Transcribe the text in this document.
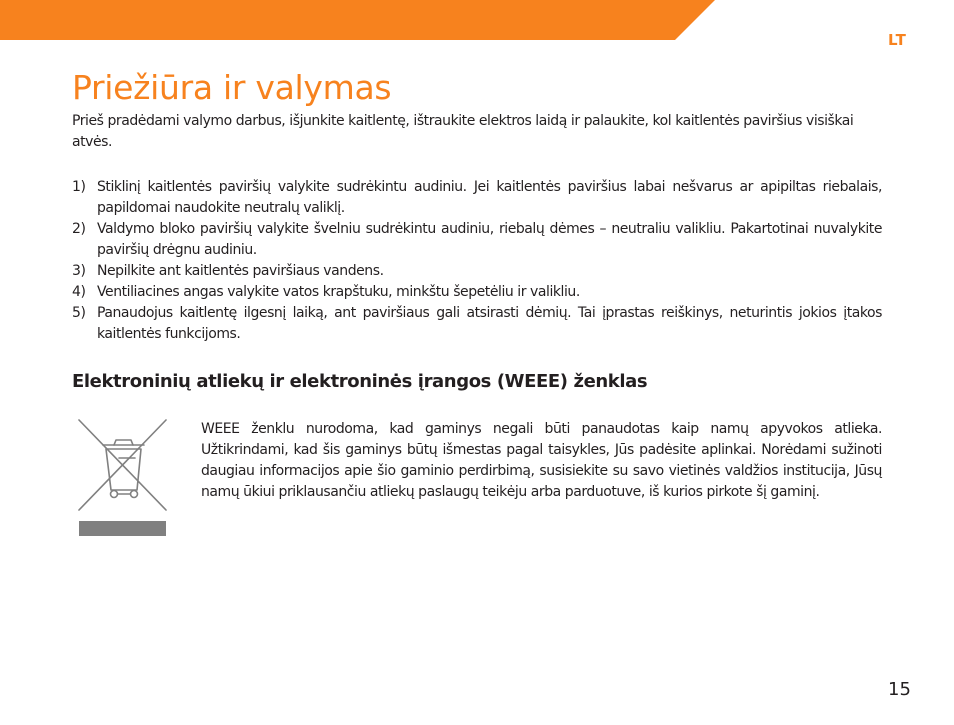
LT
Priežiūra ir valymas

Prieš pradėdami valymo darbus, išjunkite kaitlentę, ištraukite elektros laidą ir palaukite, kol kaitlentės paviršius visiškai atvės.

1) Stiklinį kaitlentės paviršių valykite sudrėkintu audiniu. Jei kaitlentės paviršius labai nešvarus ar apipiltas riebalais, papildomai naudokite neutralų valiklį.
2) Valdymo bloko paviršių valykite švelniu sudrėkintu audiniu, riebalų dėmes – neutraliu valikliu. Pakartotinai nuvalykite paviršių drėgnu audiniu.
3) Nepilkite ant kaitlentės paviršiaus vandens.
4) Ventiliacines angas valykite vatos krapštuku, minkštu šepetėliu ir valikliu.
5) Panaudojus kaitlentę ilgesnį laiką, ant paviršiaus gali atsirasti dėmių. Tai įprastas reiškinys, neturintis jokios įtakos kaitlentės funkcijoms.
Elektroninių atliekų ir elektroninės įrangos (WEEE) ženklas

WEEE ženklu nurodoma, kad gaminys negali būti panaudotas kaip namų apyvokos atlieka. Užtikrindami, kad šis gaminys būtų išmestas pagal taisykles, Jūs padėsite aplinkai. Norėdami sužinoti daugiau informacijos apie šio gaminio perdirbimą, susisiekite su savo vietinės valdžios institucija, Jūsų namų ūkiui priklausančiu atliekų paslaugų teikėju arba parduotuve, iš kurios pirkote šį gaminį.

15
